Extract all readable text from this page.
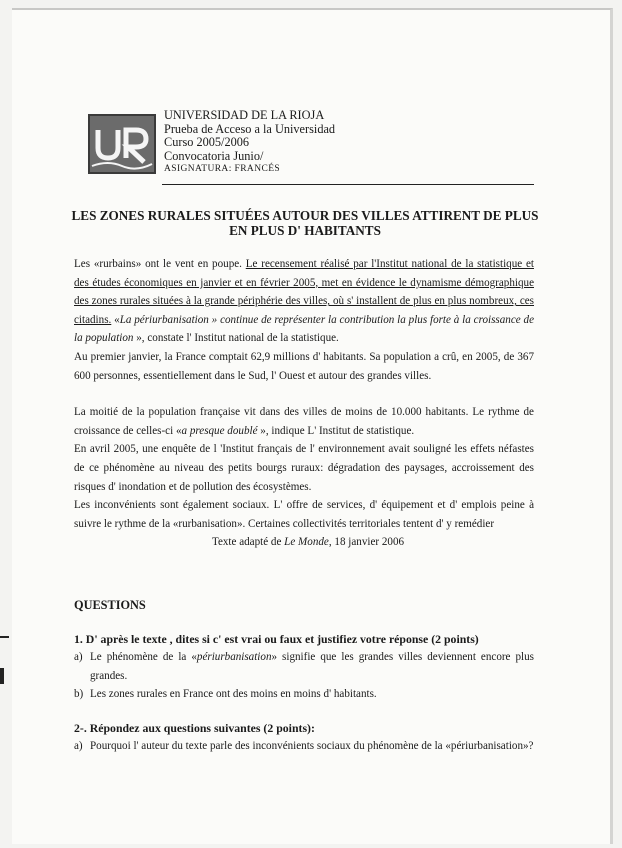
UNIVERSIDAD DE LA RIOJA
Prueba de Acceso a la Universidad
Curso 2005/2006
Convocatoria Junio/
ASIGNATURA: FRANCÉS
LES ZONES RURALES SITUÉES AUTOUR DES VILLES ATTIRENT DE PLUS EN PLUS D' HABITANTS

Les «rurbains» ont le vent en poupe. Le recensement réalisé par l'Institut national de la statistique et des études économiques en janvier et en février 2005, met en évidence le dynamisme démographique des zones rurales situées à la grande périphérie des villes, où s' installent de plus en plus nombreux, ces citadins. «La périurbanisation » continue de représenter la contribution la plus forte à la croissance de la population », constate l' Institut national de la statistique.

Au premier janvier, la France comptait 62,9 millions d' habitants. Sa population a crû, en 2005, de 367 600 personnes, essentiellement dans le Sud, l' Ouest et autour des grandes villes.

La moitié de la population française vit dans des villes de moins de 10.000 habitants. Le rythme de croissance de celles-ci «a presque doublé », indique L' Institut de statistique.

En avril 2005, une enquête de l 'Institut français de l' environnement avait souligné les effets néfastes de ce phénomène au niveau des petits bourgs ruraux: dégradation des paysages, accroissement des risques d' inondation et de pollution des écosystèmes.

Les inconvénients sont également sociaux. L' offre de services, d' équipement et d' emplois peine à suivre le rythme de la «rurbanisation». Certaines collectivités territoriales tentent d' y remédier

Texte adapté de Le Monde, 18 janvier 2006

QUESTIONS
1. D' après le texte , dites si c' est vrai ou faux et justifiez votre réponse (2 points)
a) Le phénomène de la «périurbanisation» signifie que les grandes villes deviennent encore plus grandes.
b) Les zones rurales en France ont des moins en moins d' habitants.
2-. Répondez aux questions suivantes (2 points):
a) Pourquoi l' auteur du texte parle des inconvénients sociaux du phénomène de la «périurbanisation»?
